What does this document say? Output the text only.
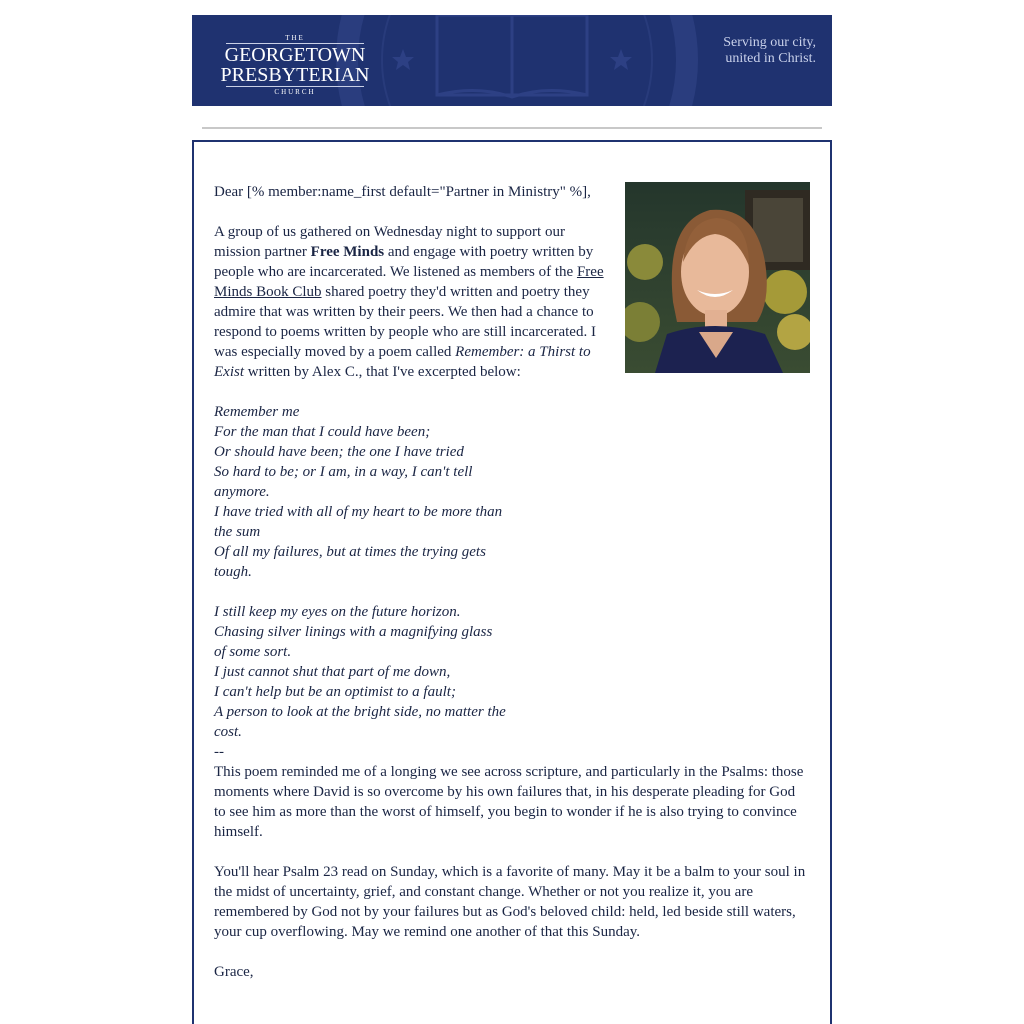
THE
GEORGETOWN
PRESBYTERIAN
CHURCH
Serving our city,
united in Christ.

Dear [% member:name_first default="Partner in Ministry" %],

A group of us gathered on Wednesday night to support our mission partner Free Minds and engage with poetry written by people who are incarcerated. We listened as members of the Free Minds Book Club shared poetry they'd written and poetry they admire that was written by their peers. We then had a chance to respond to poems written by people who are still incarcerated. I was especially moved by a poem called Remember: a Thirst to Exist written by Alex C., that I've excerpted below:

Remember me
For the man that I could have been;
Or should have been; the one I have tried
So hard to be; or I am, in a way, I can't tell
anymore.
I have tried with all of my heart to be more than
the sum
Of all my failures, but at times the trying gets
tough.

I still keep my eyes on the future horizon.
Chasing silver linings with a magnifying glass
of some sort.
I just cannot shut that part of me down,
I can't help but be an optimist to a fault;
A person to look at the bright side, no matter the
cost.

--

This poem reminded me of a longing we see across scripture, and particularly in the Psalms: those moments where David is so overcome by his own failures that, in his desperate pleading for God to see him as more than the worst of himself, you begin to wonder if he is also trying to convince himself.

You'll hear Psalm 23 read on Sunday, which is a favorite of many. May it be a balm to your soul in the midst of uncertainty, grief, and constant change. Whether or not you realize it, you are remembered by God not by your failures but as God's beloved child: held, led beside still waters, your cup overflowing. May we remind one another of that this Sunday.

Grace,
